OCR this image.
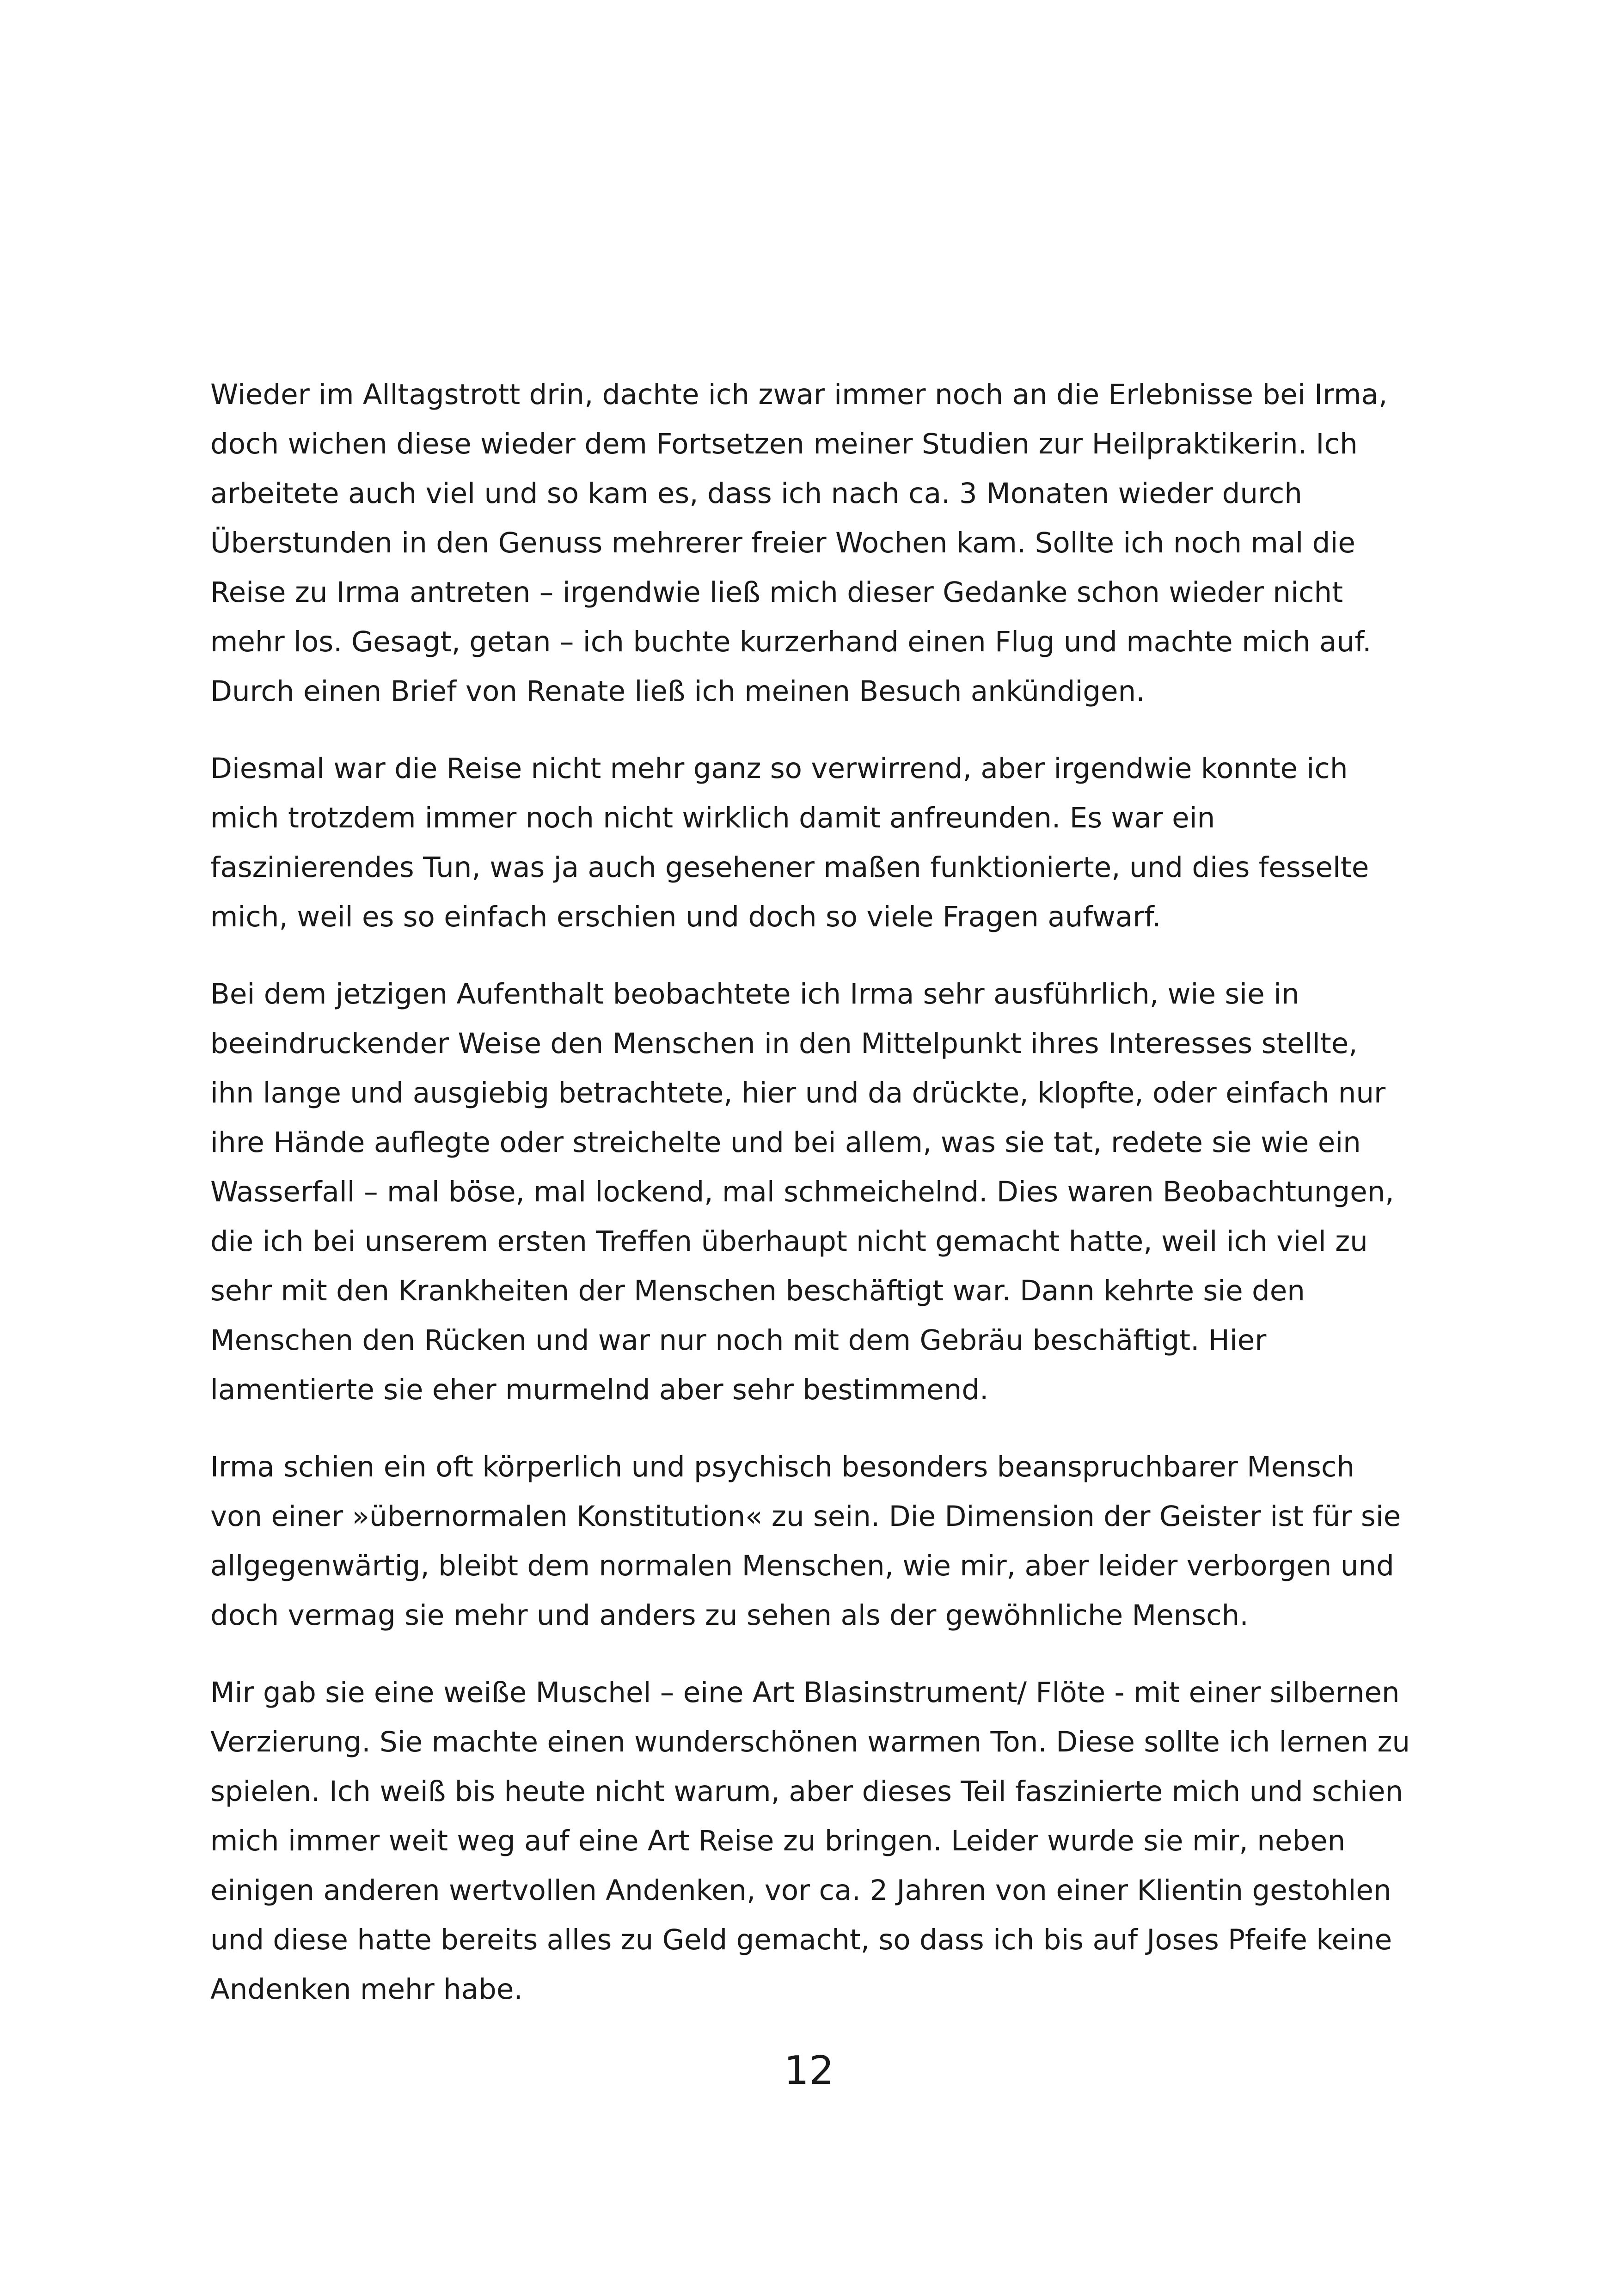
Wieder im Alltagstrott drin, dachte ich zwar immer noch an die Erlebnisse bei Irma,
doch wichen diese wieder dem Fortsetzen meiner Studien zur Heilpraktikerin. Ich
arbeitete auch viel und so kam es, dass ich nach ca. 3 Monaten wieder durch
Überstunden in den Genuss mehrerer freier Wochen kam. Sollte ich noch mal die
Reise zu Irma antreten – irgendwie ließ mich dieser Gedanke schon wieder nicht
mehr los. Gesagt, getan – ich buchte kurzerhand einen Flug und machte mich auf.
Durch einen Brief von Renate ließ ich meinen Besuch ankündigen.

Diesmal war die Reise nicht mehr ganz so verwirrend, aber irgendwie konnte ich
mich trotzdem immer noch nicht wirklich damit anfreunden. Es war ein
faszinierendes Tun, was ja auch gesehener maßen funktionierte, und dies fesselte
mich, weil es so einfach erschien und doch so viele Fragen aufwarf.

Bei dem jetzigen Aufenthalt beobachtete ich Irma sehr ausführlich, wie sie in
beeindruckender Weise den Menschen in den Mittelpunkt ihres Interesses stellte,
ihn lange und ausgiebig betrachtete, hier und da drückte, klopfte, oder einfach nur
ihre Hände auflegte oder streichelte und bei allem, was sie tat, redete sie wie ein
Wasserfall – mal böse, mal lockend, mal schmeichelnd. Dies waren Beobachtungen,
die ich bei unserem ersten Treffen überhaupt nicht gemacht hatte, weil ich viel zu
sehr mit den Krankheiten der Menschen beschäftigt war. Dann kehrte sie den
Menschen den Rücken und war nur noch mit dem Gebräu beschäftigt. Hier
lamentierte sie eher murmelnd aber sehr bestimmend.

Irma schien ein oft körperlich und psychisch besonders beanspruchbarer Mensch
von einer »übernormalen Konstitution« zu sein. Die Dimension der Geister ist für sie
allgegenwärtig, bleibt dem normalen Menschen, wie mir, aber leider verborgen und
doch vermag sie mehr und anders zu sehen als der gewöhnliche Mensch.

Mir gab sie eine weiße Muschel – eine Art Blasinstrument/ Flöte - mit einer silbernen
Verzierung. Sie machte einen wunderschönen warmen Ton. Diese sollte ich lernen zu
spielen. Ich weiß bis heute nicht warum, aber dieses Teil faszinierte mich und schien
mich immer weit weg auf eine Art Reise zu bringen. Leider wurde sie mir, neben
einigen anderen wertvollen Andenken, vor ca. 2 Jahren von einer Klientin gestohlen
und diese hatte bereits alles zu Geld gemacht, so dass ich bis auf Joses Pfeife keine
Andenken mehr habe.

12
